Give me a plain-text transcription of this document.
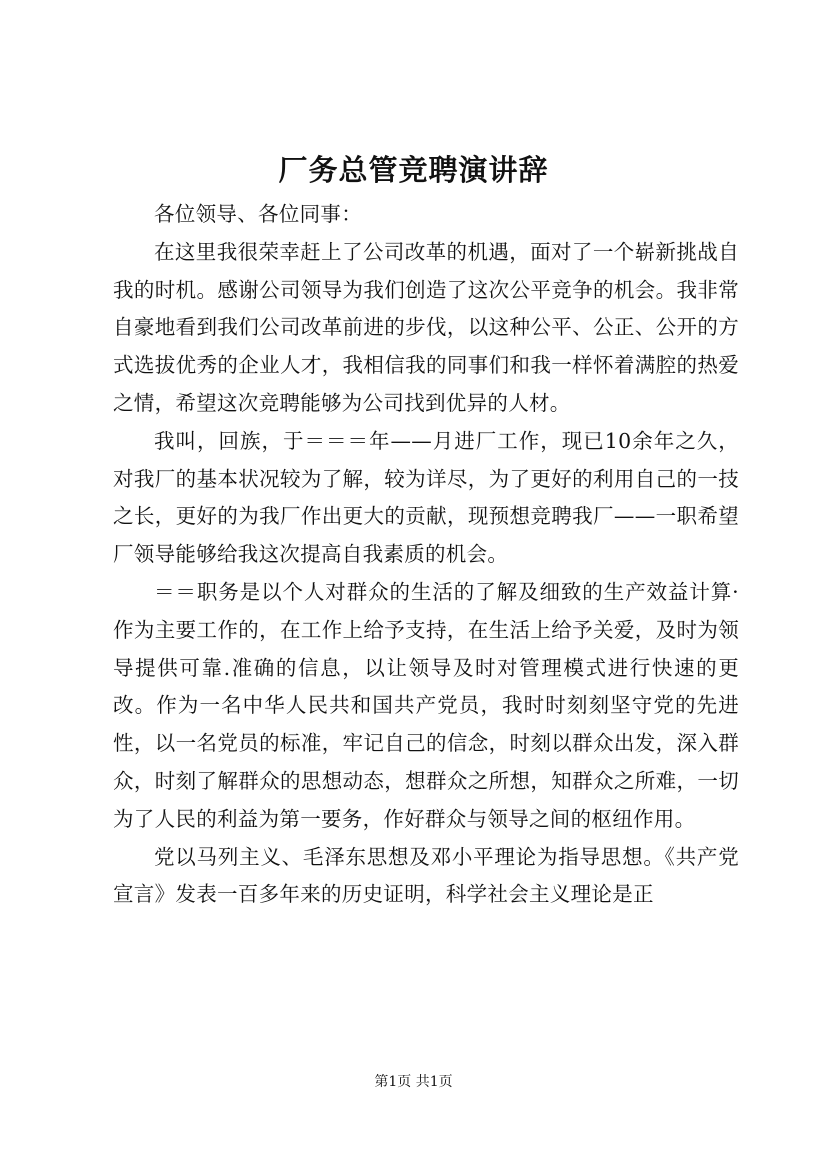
厂务总管竞聘演讲辞

各位领导、各位同事：

在这里我很荣幸赶上了公司改革的机遇，面对了一个崭新挑战自我的时机。感谢公司领导为我们创造了这次公平竞争的机会。我非常自豪地看到我们公司改革前进的步伐，以这种公平、公正、公开的方式选拔优秀的企业人才，我相信我的同事们和我一样怀着满腔的热爱之情，希望这次竞聘能够为公司找到优异的人材。

我叫，回族，于＝＝＝年——月进厂工作，现已10余年之久，对我厂的基本状况较为了解，较为详尽，为了更好的利用自己的一技之长，更好的为我厂作出更大的贡献，现预想竞聘我厂——一职希望厂领导能够给我这次提高自我素质的机会。

＝＝职务是以个人对群众的生活的了解及细致的生产效益计算·作为主要工作的，在工作上给予支持，在生活上给予关爱，及时为领导提供可靠.准确的信息，以让领导及时对管理模式进行快速的更改。作为一名中华人民共和国共产党员，我时时刻刻坚守党的先进性，以一名党员的标准，牢记自己的信念，时刻以群众出发，深入群众，时刻了解群众的思想动态，想群众之所想，知群众之所难，一切为了人民的利益为第一要务，作好群众与领导之间的枢纽作用。

党以马列主义、毛泽东思想及邓小平理论为指导思想。《共产党宣言》发表一百多年来的历史证明，科学社会主义理论是正

第1页 共1页
